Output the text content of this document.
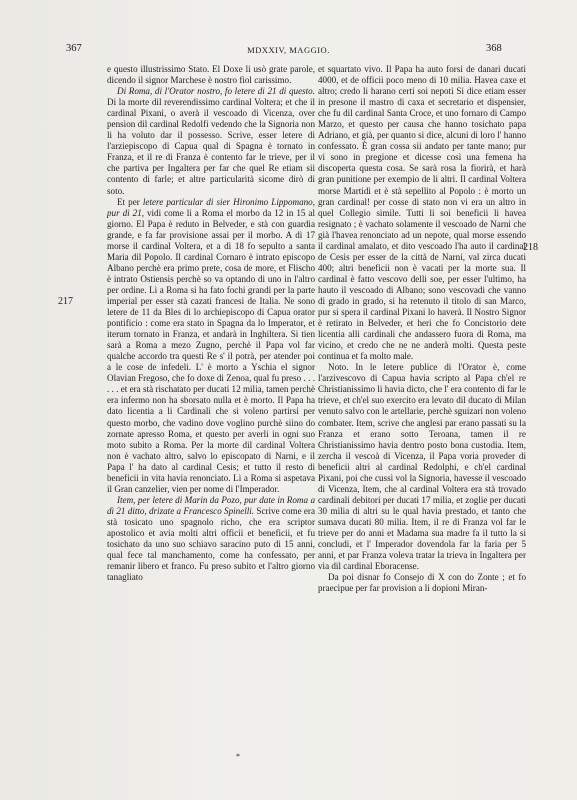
367	MDXXIV, MAGGIO.	368
217
218

e questo illustrissimo Stato. El Doxe li usò grate parole, dicendo il signor Marchese è nostro fiol carissimo.

Di Roma, di l'Orator nostro, fo letere di 21 di questo. Di la morte dil reverendissimo cardinal Voltera; et che il cardinal Pixani, o averà il vescoado di Vicenza, over pension dil cardinal Redolfi vedendo che la Signoria non li ha voluto dar il possesso. Scrive, esser letere di l'arziepiscopo di Capua qual di Spagna è tornato in Franza, et il re di Franza è contento far le trieve, per il che partiva per Ingaltera per far che quel Re etiam sii contento di farle; et altre particularità sicome dirò di soto.

Et per letere particular di sier Hironimo Lippomano, pur di 21, vidi come li a Roma el morbo da 12 in 15 al giorno. El Papa è reduto in Belveder, e stà con guardia grande, e fa far provisione assai per il morbo. A dì 17 morse il cardinal Voltera, et a dì 18 fo sepulto a santa Maria dil Popolo. Il cardinal Cornaro è intrato episcopo Albano perchè era primo prete, cosa de more, et Flischo è intrato Ostiensis perchè so va optando di uno in l'altro per ordine. Lì a Roma si ha fato fochi grandi per la parte imperial per esser stà cazati francesi de Italia. Ne sono letere de 11 da Bles di lo archiepiscopo di Capua orator pontificio : come era stato in Spagna da lo Imperator, et iterum tornato in Franza, et andarà in Inghiltera. Si tien sarà a Roma a mezo Zugno, perchè il Papa vol far qualche accordo tra questi Re s' il potrà, per atender poi a le cose de infedeli. L' è morto a Yschia el signor Olavian Fregoso, che fo doxe di Zenoa, qual fu preso . . . . . . et era stà rischatato per ducati 12 milia, tamen perchè era infermo non ha sborsato nulla et è morto. Il Papa ha dato licentia a li Cardinali che si voleno partirsi per questo morbo, che vadino dove voglino purchè siino do zornate apresso Roma, et questo per averli in ogni suo moto subito a Roma. Per la morte dil cardinal Voltera non è vachato altro, salvo lo episcopato di Narni, e il Papa l' ha dato al cardinal Cesis; et tutto il resto di beneficii in vita havia renonciato. Lì a Roma si aspetava il Gran canzelier, vien per nome di l'Imperador.

Item, per letere di Marin da Pozo, pur date in Roma a dì 21 ditto, drizate a Francesco Spinelli. Scrive come era stà tosicato uno spagnolo richo, che era scriptor apostolico et avia molti altri officii et beneficii, et fu tosichato da uno suo schiavo saracino puto di 15 anni, qual fece tal manchamento, come ha confessato, per remanir libero et franco. Fu preso subito et l'altro giorno tanagliato

et squartato vivo. Il Papa ha auto forsi de danari ducati 4000, et de officii poco meno di 10 milia. Havea caxe et altro; credo li harano certi soi nepoti Si dice etiam esser in presone il mastro di caxa et secretario et dispensier, che fu dil cardinal Santa Croce, et uno fornaro di Campo Marzo, et questo per causa che hanno tosichato papa Adriano, et già, per quanto si dice, alcuni di loro l' hanno confessato. È gran cossa sii andato per tante mano; pur vi sono in pregione et dicesse così una femena ha discoperta questa cosa. Se sarà rosa la fiorirà, et harà gran punitione per exempio de li altri. Il cardinal Voltera morse Martidì et è stà sepellito al Popolo : è morto un gran cardinal! per cosse di stato non vi era un altro in quel Collegio simile. Tutti li soi beneficii li havea resignato ; è vachato solamente il vescoado de Narni che già l'havea renonciato ad un nepote, qual morse essendo il cardinal amalato, et dito vescoado l'ha auto il cardinal de Cesis per esser de la città de Narni, val zirca ducati 400; altri beneficii non è vacati per la morte sua. Il cardinal è fatto vescovo delli soe, per esser l'ultimo, ha hauto il vescoado di Albano; sono vescovadi che vanno di grado in grado, si ha retenuto il titolo di san Marco, pur si spera il cardinal Pixani lo haverà. Il Nostro Signor è retirato in Belveder, et heri che fo Concistorio dete licentia alli cardinali che andassero fuora di Roma, ma vicino, et credo che ne ne anderà molti. Questa peste continua et fa molto male.

Noto. In le letere publice di l'Orator è, come l'arzivescovo di Capua havia scripto al Papa ch'el re Christianissimo li havia dicto, che l' era contento di far le trieve, et ch'el suo exercito era levato dil ducato di Milan venuto salvo con le artellarie, perchè sguizari non voleno combater. Item, scrive che anglesi par erano passati su la Franza et erano sotto Teroana, tamen il re Christianissimo havia dentro posto bona custodia. Item, zercha il vescoà di Vicenza, il Papa voria proveder di beneficii altri al cardinal Redolphi, e ch'el cardinal Pixani, poi che cussì vol la Signoria, havesse il vescoado di Vicenza, Item, che al cardinal Voltera era stà trovado cardinali debitori per ducati 17 milia, et zoglie per ducati 30 milia di altri su le qual havia prestado, et tanto che sumava ducati 80 milia. Item, il re di Franza vol far le trieve per do anni et Madama sua madre fa il tutto la si concludi, et l' Imperador dovendola far la faria per 5 anni, et par Franza voleva tratar la trieva in Ingaltera per via dil cardinal Eboracense.

Da poi disnar fo Consejo di X con do Zonte ; et fo praecipue per far provision a li dopioni Miran-

*
